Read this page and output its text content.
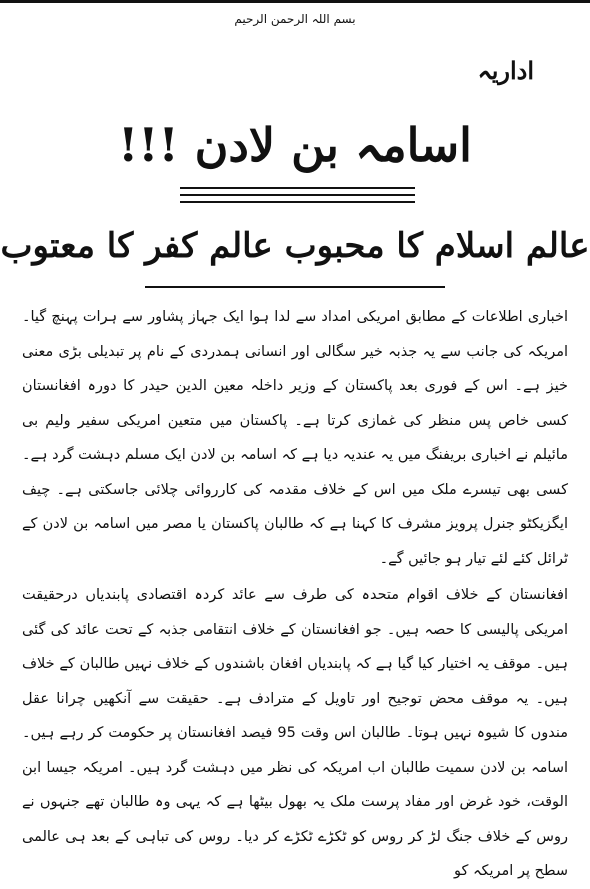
بسم اللہ الرحمن الرحیم
اداریہ
اسامہ بن لادن !!!
عالم اسلام کا محبوب عالم کفر کا معتوب

اخباری اطلاعات کے مطابق امریکی امداد سے لدا ہوا ایک جہاز پشاور سے ہرات پہنچ گیا۔ امریکہ کی جانب سے یہ جذبہ خیر سگالی اور انسانی ہمدردی کے نام پر تبدیلی بڑی معنی خیز ہے۔ اس کے فوری بعد پاکستان کے وزیر داخلہ معین الدین حیدر کا دورہ افغانستان کسی خاص پس منظر کی غمازی کرتا ہے۔ پاکستان میں متعین امریکی سفیر ولیم بی مائیلم نے اخباری بریفنگ میں یہ عندیہ دیا ہے کہ اسامہ بن لادن ایک مسلم دہشت گرد ہے۔ کسی بھی تیسرے ملک میں اس کے خلاف مقدمہ کی کارروائی چلائی جاسکتی ہے۔ چیف ایگزیکٹو جنرل پرویز مشرف کا کہنا ہے کہ طالبان پاکستان یا مصر میں اسامہ بن لادن کے ٹرائل کئے لئے تیار ہو جائیں گے۔

افغانستان کے خلاف اقوام متحدہ کی طرف سے عائد کردہ اقتصادی پابندیاں درحقیقت امریکی پالیسی کا حصہ ہیں۔ جو افغانستان کے خلاف انتقامی جذبہ کے تحت عائد کی گئی ہیں۔ موقف یہ اختیار کیا گیا ہے کہ پابندیاں افغان باشندوں کے خلاف نہیں طالبان کے خلاف ہیں۔ یہ موقف محض توجیح اور تاویل کے مترادف ہے۔ حقیقت سے آنکھیں چرانا عقل مندوں کا شیوہ نہیں ہوتا۔ طالبان اس وقت 95 فیصد افغانستان پر حکومت کر رہے ہیں۔ اسامہ بن لادن سمیت طالبان اب امریکہ کی نظر میں دہشت گرد ہیں۔ امریکہ جیسا ابن الوقت، خود غرض اور مفاد پرست ملک یہ بھول بیٹھا ہے کہ یہی وہ طالبان تھے جنہوں نے روس کے خلاف جنگ لڑ کر روس کو ٹکڑے ٹکڑے کر دیا۔ روس کی تباہی کے بعد ہی عالمی سطح پر امریکہ کو
